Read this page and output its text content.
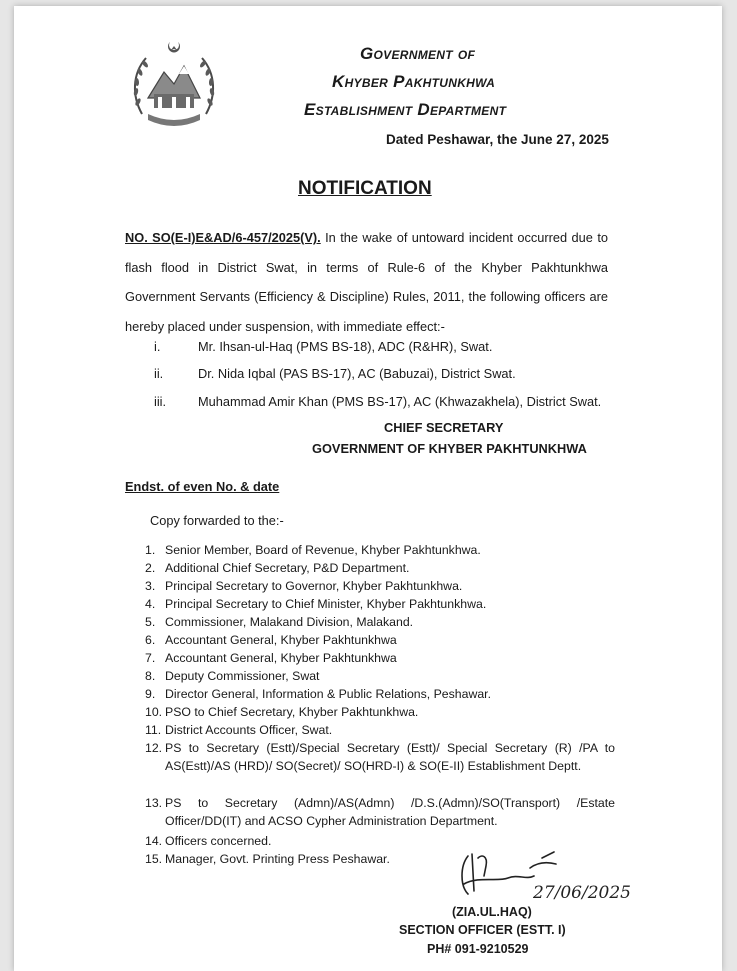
Government of
Khyber Pakhtunkhwa
Establishment Department
Dated Peshawar, the June 27, 2025
NOTIFICATION
NO. SO(E-I)E&AD/6-457/2025(V). In the wake of untoward incident occurred due to flash flood in District Swat, in terms of Rule-6 of the Khyber Pakhtunkhwa Government Servants (Efficiency & Discipline) Rules, 2011, the following officers are hereby placed under suspension, with immediate effect:-
i.	Mr. Ihsan-ul-Haq (PMS BS-18), ADC (R&HR), Swat.
ii.	Dr. Nida Iqbal (PAS BS-17), AC (Babuzai), District Swat.
iii. Muhammad Amir Khan (PMS BS-17), AC (Khwazakhela), District Swat.
CHIEF SECRETARY
GOVERNMENT OF KHYBER PAKHTUNKHWA
Endst. of even No. & date
Copy forwarded to the:-
1. Senior Member, Board of Revenue, Khyber Pakhtunkhwa.
2. Additional Chief Secretary, P&D Department.
3. Principal Secretary to Governor, Khyber Pakhtunkhwa.
4. Principal Secretary to Chief Minister, Khyber Pakhtunkhwa.
5. Commissioner, Malakand Division, Malakand.
6. Accountant General, Khyber Pakhtunkhwa
7. Accountant General, Khyber Pakhtunkhwa
8. Deputy Commissioner, Swat
9. Director General, Information & Public Relations, Peshawar.
10. PSO to Chief Secretary, Khyber Pakhtunkhwa.
11. District Accounts Officer, Swat.
12. PS to Secretary (Estt)/Special Secretary (Estt)/ Special Secretary (R) /PA to AS(Estt)/AS (HRD)/ SO(Secret)/ SO(HRD-I) & SO(E-II) Establishment Deptt.
13. PS to Secretary (Admn)/AS(Admn) /D.S.(Admn)/SO(Transport) /Estate Officer/DD(IT) and ACSO Cypher Administration Department.
14. Officers concerned.
15. Manager, Govt. Printing Press Peshawar.
27/06/2025
(ZIA.UL.HAQ)
SECTION OFFICER (ESTT. I)
PH# 091-9210529
